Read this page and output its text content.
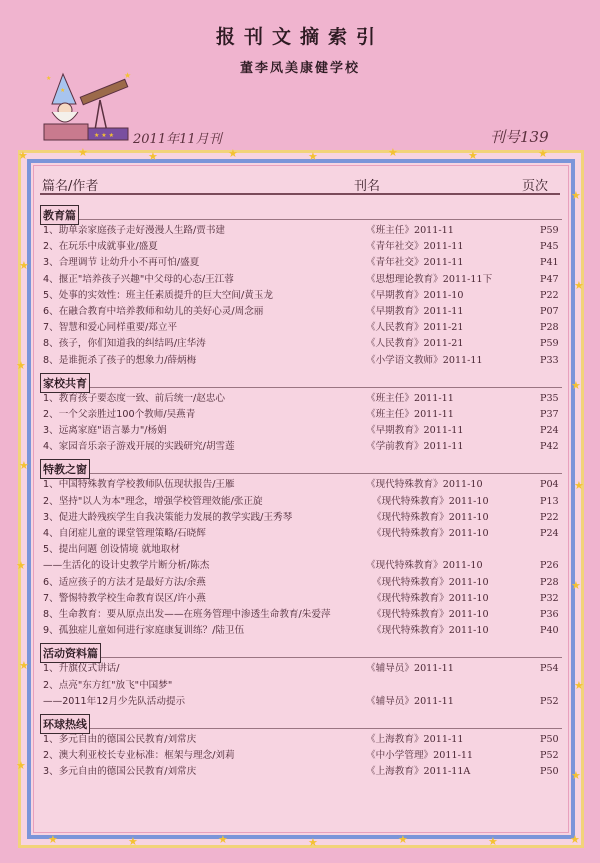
报刊文摘索引
董李凤美康健学校
★
★ ★ ★
★
★
2011年11月刊	刊号139
★	★	★	★	★	★	★	★
★
★
★
★
★
★
★
★
★
★
★
★
★
★
★
★
★
★
★
★
篇名/作者	刊名	页次
教育篇
1、助单亲家庭孩子走好漫漫人生路/贾书建	《班主任》2011-11	P59
2、在玩乐中成就事业/盛夏	《青年社交》2011-11	P45
3、合理调节 让幼升小不再可怕/盛夏	《青年社交》2011-11	P41
4、揠正"培养孩子兴趣"中父母的心态/王江蓉	《思想理论教育》2011-11下	P47
5、处事的实效性：班主任素质提升的巨大空间/黄玉龙	《早期教育》2011-10	P22
6、在融合教育中培养教师和幼儿的美好心灵/周念丽	《早期教育》2011-11	P07
7、智慧和爱心同样重要/郑立平	《人民教育》2011-21	P28
8、孩子，你们知道我的纠结吗/庄华涛	《人民教育》2011-21	P59
8、是谁扼杀了孩子的想象力/薛炳梅	《小学语文教师》2011-11	P33
家校共育
1、教育孩子要态度一致、前后统一/赵忠心	《班主任》2011-11	P35
2、一个父亲胜过100个教师/吴燕青	《班主任》2011-11	P37
3、远离家庭"语言暴力"/杨娟	《早期教育》2011-11	P24
4、家园音乐亲子游戏开展的实践研究/胡雪莲	《学前教育》2011-11	P42
特教之窗
1、中国特殊教育学校教师队伍现状报告/王雁	《现代特殊教育》2011-10	P04
2、坚持"以人为本"理念，增强学校管理效能/张正旋	《现代特殊教育》2011-10	P13
3、促进大龄残疾学生自我决策能力发展的教学实践/王秀琴	《现代特殊教育》2011-10	P22
4、自闭症儿童的课堂管理策略/石晓辉	《现代特殊教育》2011-10	P24
5、提出问题 创设情境 就地取材
——生活化的设计史教学片断分析/陈杰	《现代特殊教育》2011-10	P26
6、适应孩子的方法才是最好方法/余燕	《现代特殊教育》2011-10	P28
7、警惕特教学校生命教育误区/许小燕	《现代特殊教育》2011-10	P32
8、生命教育：要从原点出发——在班务管理中渗透生命教育/朱爱萍	《现代特殊教育》2011-10	P36
9、孤独症儿童如何进行家庭康复训练？/陆卫伍	《现代特殊教育》2011-10	P40
活动资料篇
1、升旗仪式讲话/	《辅导员》2011-11	P54
2、点亮"东方红"放飞"中国梦"
——2011年12月少先队活动提示	《辅导员》2011-11	P52
环球热线
1、多元自由的德国公民教育/刘常庆	《上海教育》2011-11	P50
2、澳大利亚校长专业标准：框架与理念/刘莉	《中小学管理》2011-11	P52
3、多元自由的德国公民教育/刘常庆	《上海教育》2011-11A	P50
